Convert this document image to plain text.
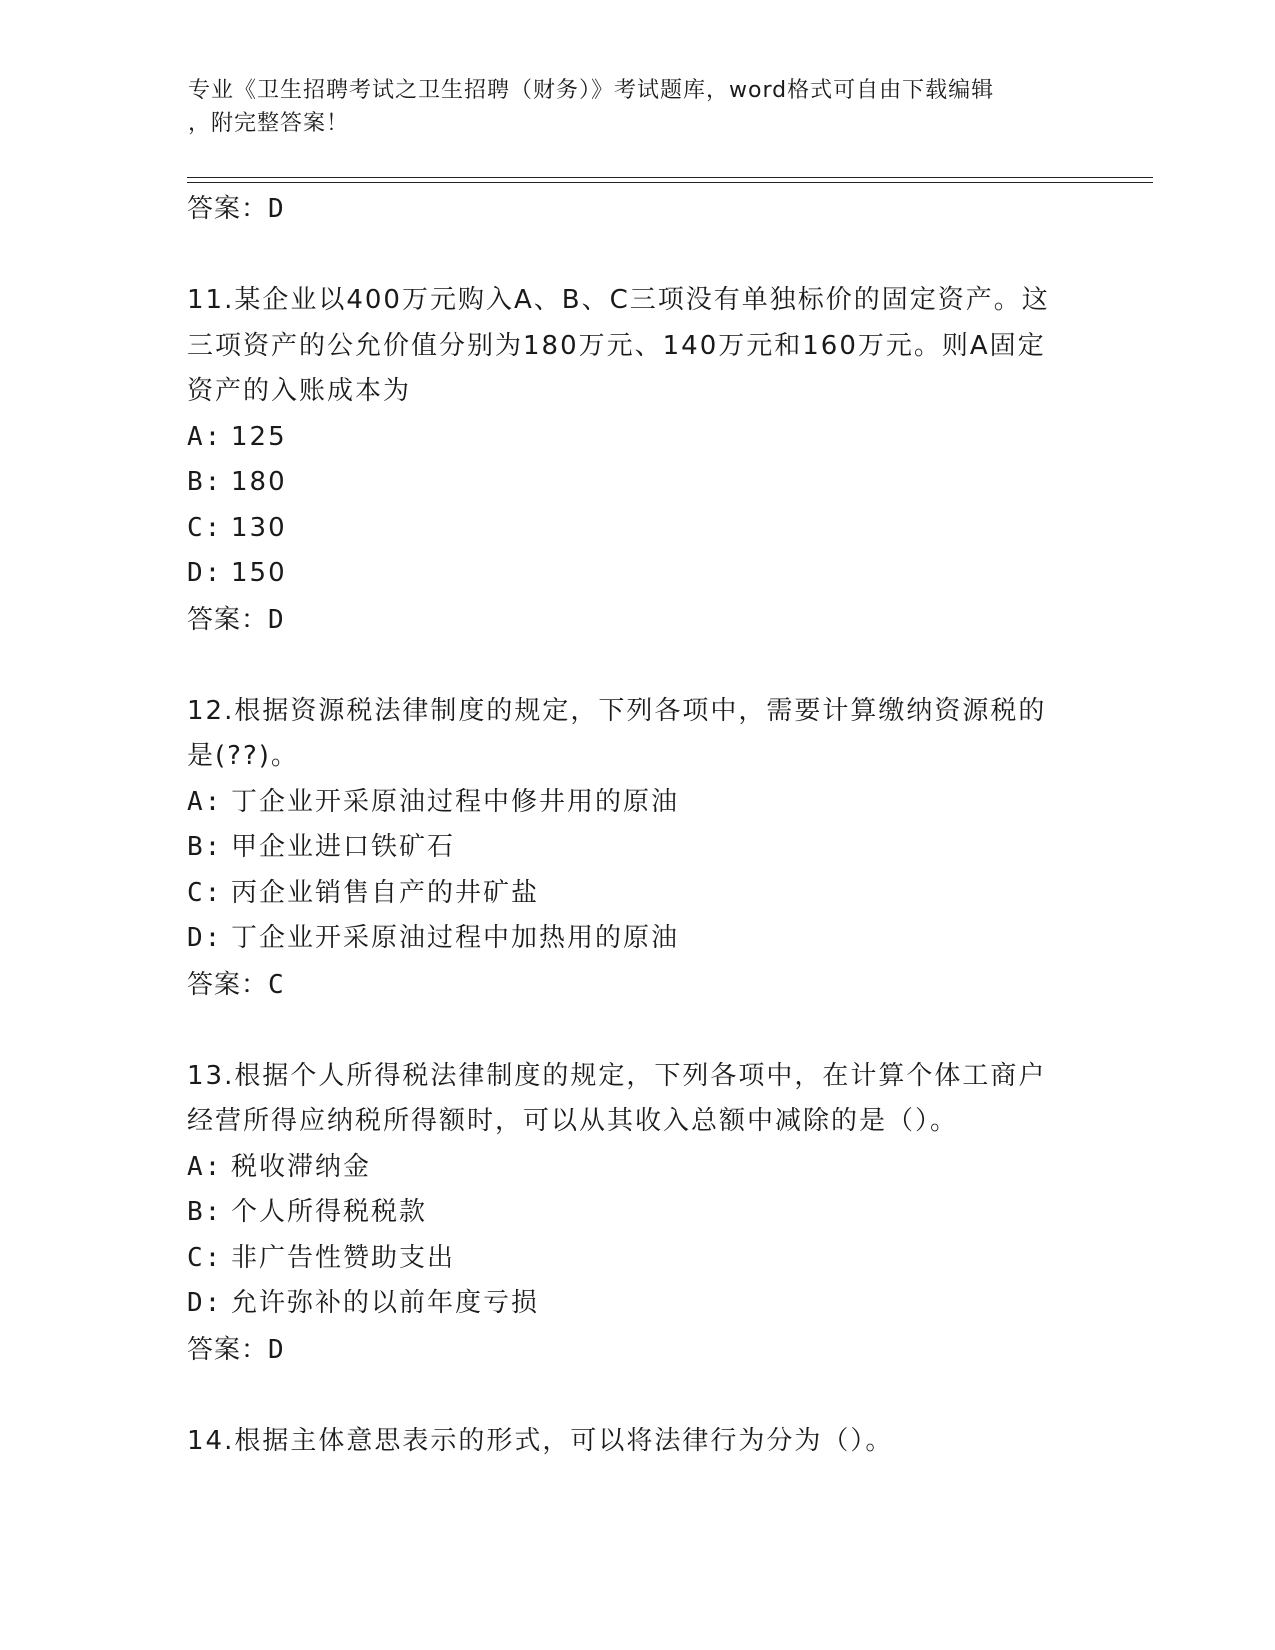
专业《卫生招聘考试之卫生招聘（财务）》考试题库，word格式可自由下载编辑
，附完整答案！
答案：D
11.某企业以400万元购入A、B、C三项没有单独标价的固定资产。这
三项资产的公允价值分别为180万元、140万元和160万元。则A固定
资产的入账成本为
A: 125
B: 180
C: 130
D: 150
答案：D
12.根据资源税法律制度的规定，下列各项中，需要计算缴纳资源税的
是(??)。
A: 丁企业开采原油过程中修井用的原油
B: 甲企业进口铁矿石
C: 丙企业销售自产的井矿盐
D: 丁企业开采原油过程中加热用的原油
答案：C
13.根据个人所得税法律制度的规定，下列各项中，在计算个体工商户
经营所得应纳税所得额时，可以从其收入总额中减除的是（）。
A: 税收滞纳金
B: 个人所得税税款
C: 非广告性赞助支出
D: 允许弥补的以前年度亏损
答案：D
14.根据主体意思表示的形式，可以将法律行为分为（）。
